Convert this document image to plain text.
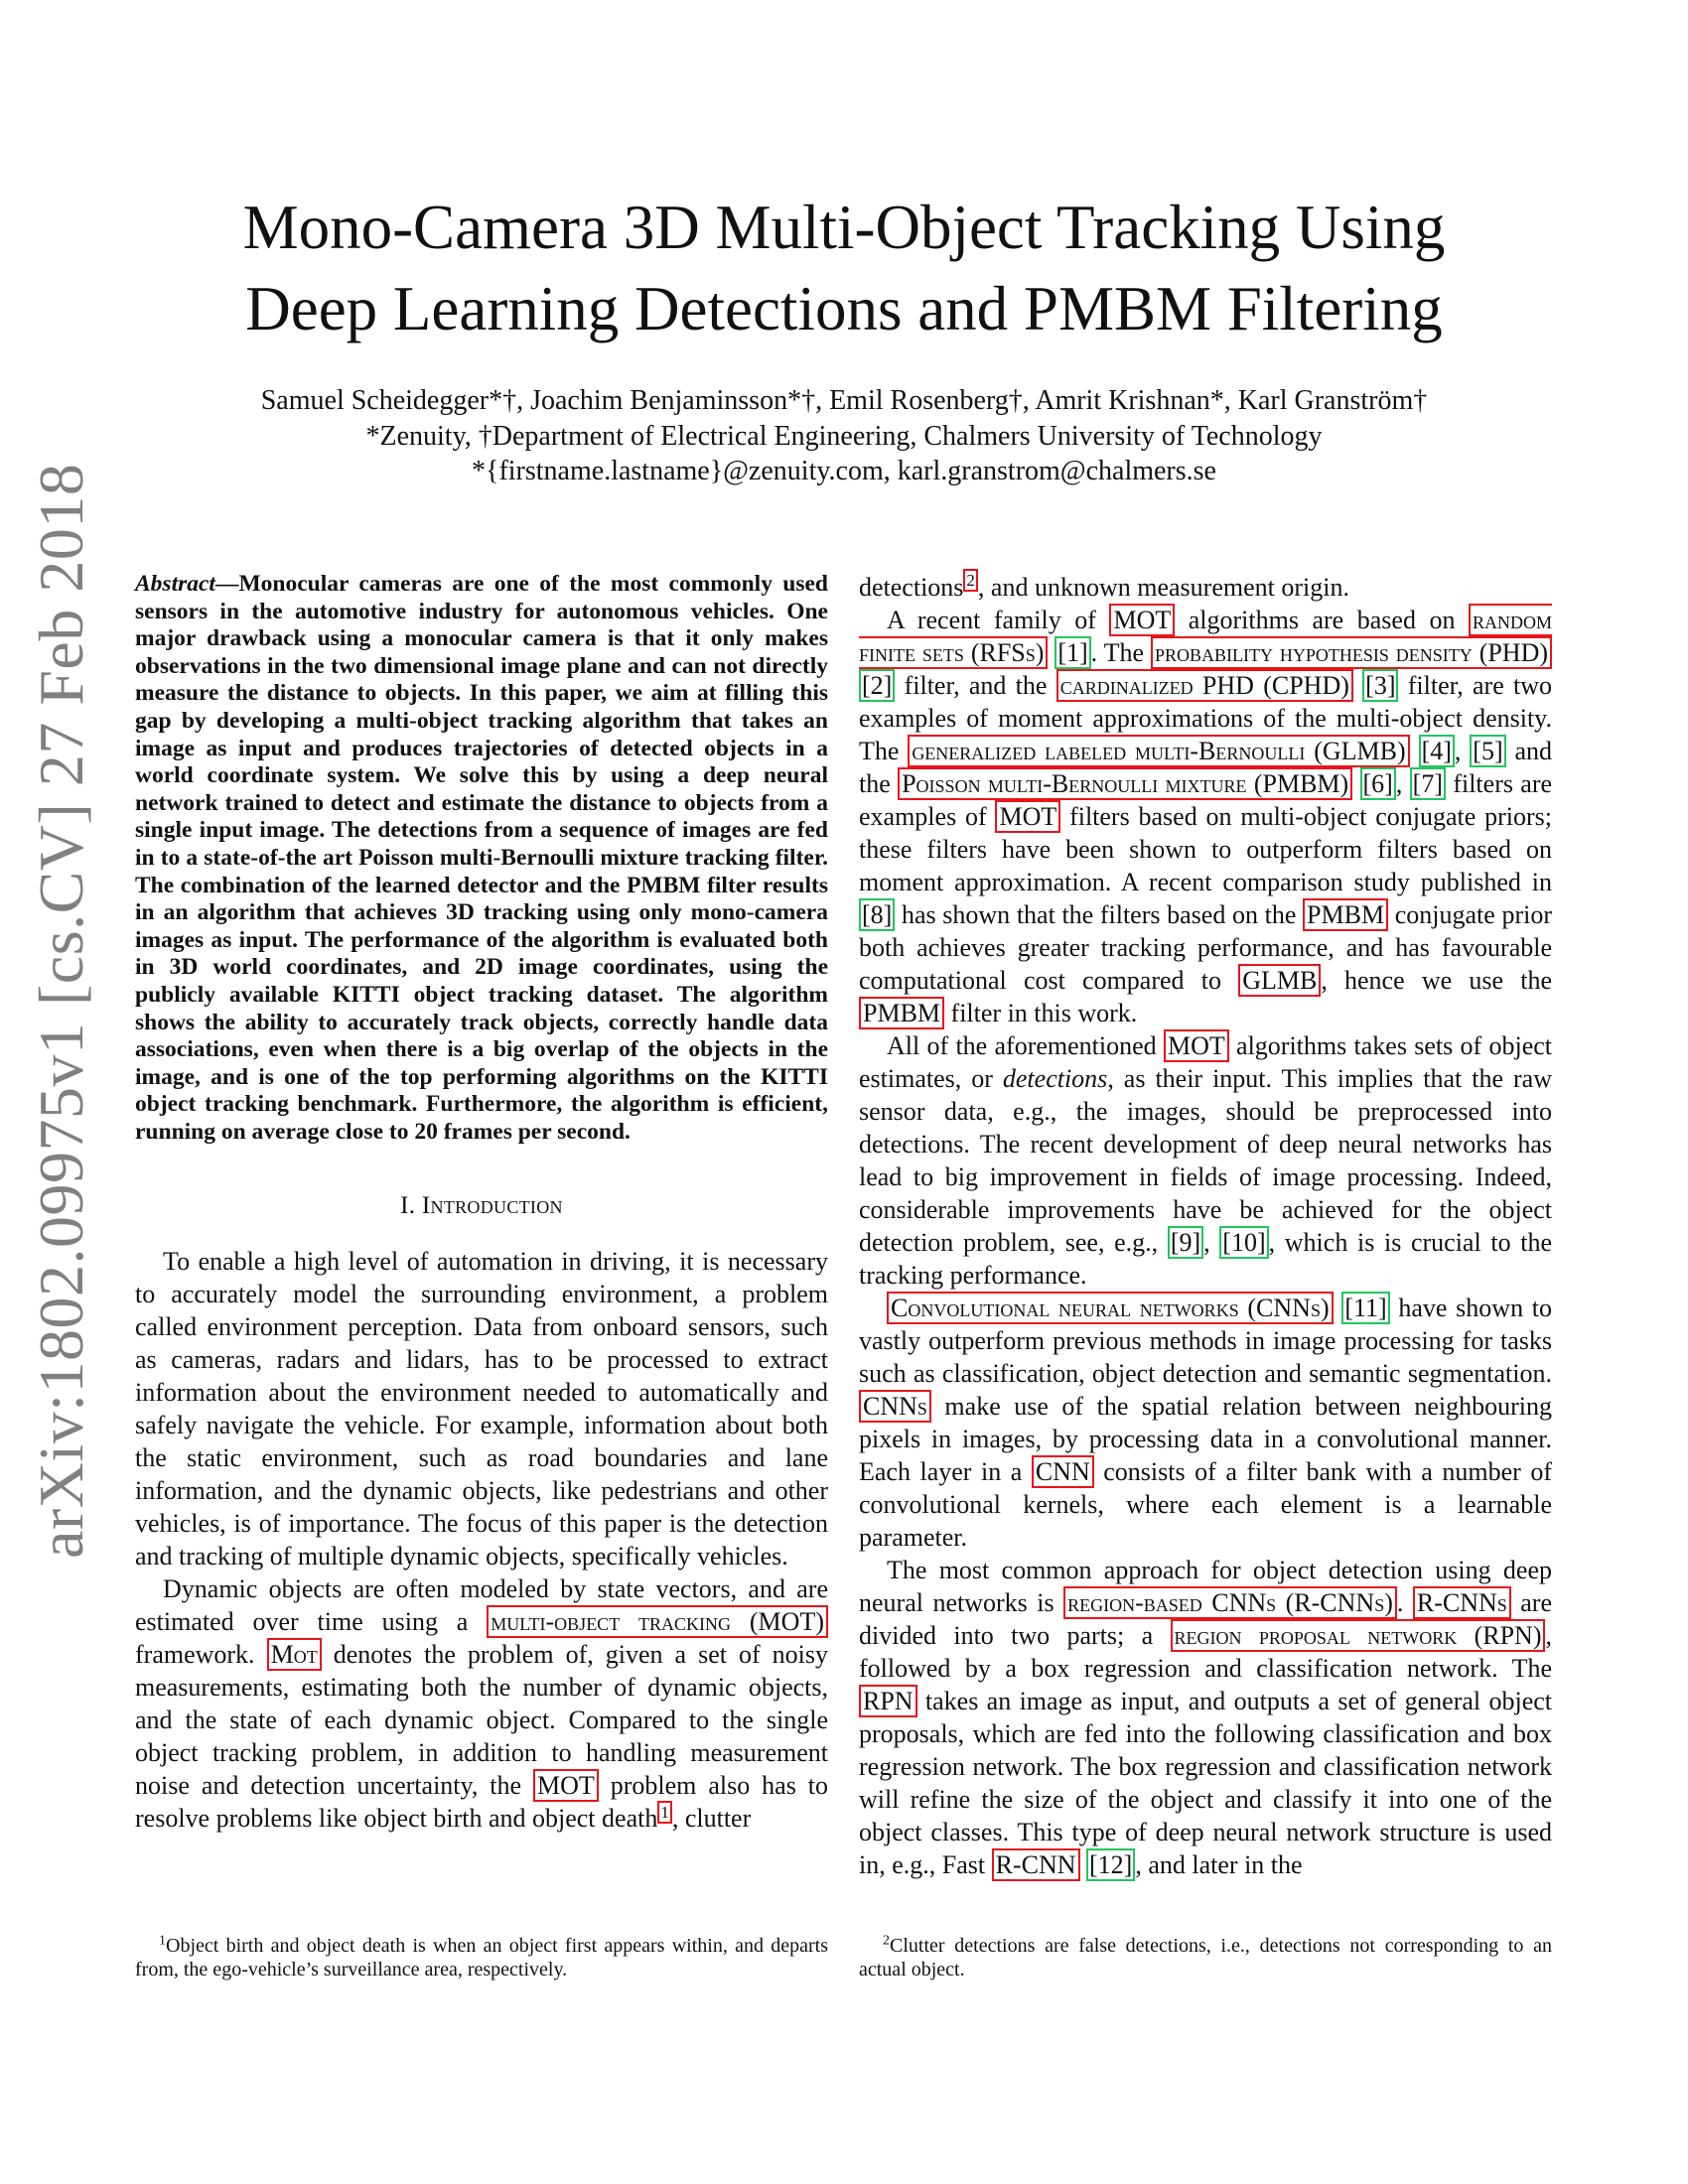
arXiv:1802.09975v1 [cs.CV] 27 Feb 2018
Mono-Camera 3D Multi-Object Tracking Using
Deep Learning Detections and PMBM Filtering
Samuel Scheidegger*†, Joachim Benjaminsson*†, Emil Rosenberg†, Amrit Krishnan*, Karl Granström†
*Zenuity, †Department of Electrical Engineering, Chalmers University of Technology
*{firstname.lastname}@zenuity.com, karl.granstrom@chalmers.se

Abstract—Monocular cameras are one of the most commonly used sensors in the automotive industry for autonomous vehicles. One major drawback using a monocular camera is that it only makes observations in the two dimensional image plane and can not directly measure the distance to objects. In this paper, we aim at filling this gap by developing a multi-object tracking algorithm that takes an image as input and produces trajectories of detected objects in a world coordinate system. We solve this by using a deep neural network trained to detect and estimate the distance to objects from a single input image. The detections from a sequence of images are fed in to a state-of-the art Poisson multi-Bernoulli mixture tracking filter. The combination of the learned detector and the PMBM filter results in an algorithm that achieves 3D tracking using only mono-camera images as input. The performance of the algorithm is evaluated both in 3D world coordinates, and 2D image coordinates, using the publicly available KITTI object tracking dataset. The algorithm shows the ability to accurately track objects, correctly handle data associations, even when there is a big overlap of the objects in the image, and is one of the top performing algorithms on the KITTI object tracking benchmark. Furthermore, the algorithm is efficient, running on average close to 20 frames per second.

I. Introduction

To enable a high level of automation in driving, it is necessary to accurately model the surrounding environment, a problem called environment perception. Data from onboard sensors, such as cameras, radars and lidars, has to be processed to extract information about the environment needed to automatically and safely navigate the vehicle. For example, information about both the static environment, such as road boundaries and lane information, and the dynamic objects, like pedestrians and other vehicles, is of importance. The focus of this paper is the detection and tracking of multiple dynamic objects, specifically vehicles.

Dynamic objects are often modeled by state vectors, and are estimated over time using a multi-object tracking (MOT) framework. Mot denotes the problem of, given a set of noisy measurements, estimating both the number of dynamic objects, and the state of each dynamic object. Compared to the single object tracking problem, in addition to handling measurement noise and detection uncertainty, the MOT problem also has to resolve problems like object birth and object death $^1$ , clutter

detections $^2$ , and unknown measurement origin.

A recent family of MOT algorithms are based on random finite sets (RFSs) [1] . The probability hypothesis density (PHD) [2] filter, and the cardinalized PHD (CPHD) [3] filter, are two examples of moment approximations of the multi-object density. The generalized labeled multi-Bernoulli (GLMB) [4] , [5] and the Poisson multi-Bernoulli mixture (PMBM) [6] , [7] filters are examples of MOT filters based on multi-object conjugate priors; these filters have been shown to outperform filters based on moment approximation. A recent comparison study published in [8] has shown that the filters based on the PMBM conjugate prior both achieves greater tracking performance, and has favourable computational cost compared to GLMB , hence we use the PMBM filter in this work.

All of the aforementioned MOT algorithms takes sets of object estimates, or detections, as their input. This implies that the raw sensor data, e.g., the images, should be preprocessed into detections. The recent development of deep neural networks has lead to big improvement in fields of image processing. Indeed, considerable improvements have be achieved for the object detection problem, see, e.g., [9] , [10] , which is is crucial to the tracking performance.

Convolutional neural networks (CNNs) [11] have shown to vastly outperform previous methods in image processing for tasks such as classification, object detection and semantic segmentation. CNNs make use of the spatial relation between neighbouring pixels in images, by processing data in a convolutional manner. Each layer in a CNN consists of a filter bank with a number of convolutional kernels, where each element is a learnable parameter.

The most common approach for object detection using deep neural networks is region-based CNNs (R-CNNs) . R-CNNs are divided into two parts; a region proposal network (RPN) , followed by a box regression and classification network. The RPN takes an image as input, and outputs a set of general object proposals, which are fed into the following classification and box regression network. The box regression and classification network will refine the size of the object and classify it into one of the object classes. This type of deep neural network structure is used in, e.g., Fast R-CNN [12] , and later in the

$^1$Object birth and object death is when an object first appears within, and departs from, the ego-vehicle’s surveillance area, respectively.
$^2$Clutter detections are false detections, i.e., detections not corresponding to an actual object.
